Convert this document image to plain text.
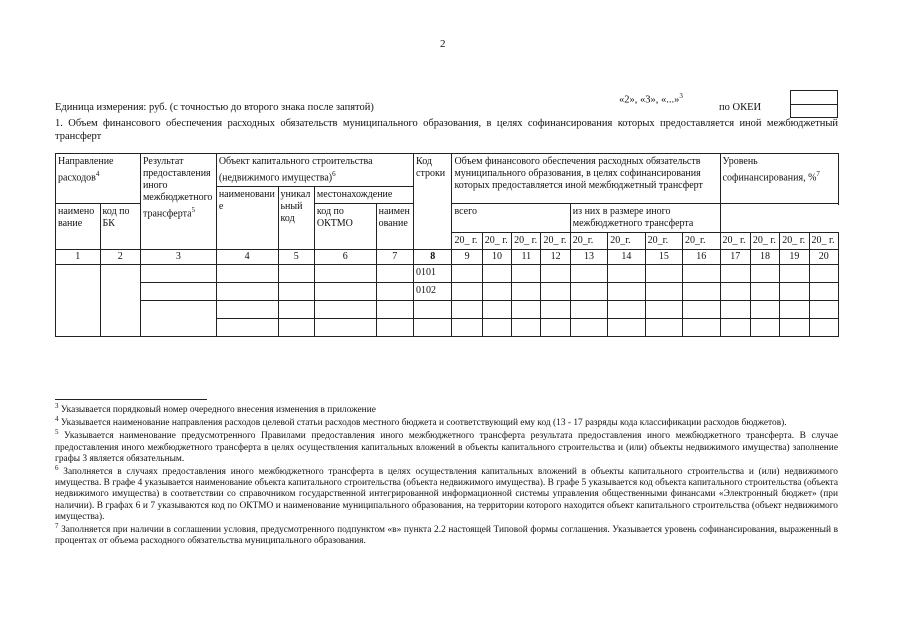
2
«2», «3», «...»$^3$
Единица измерения: руб. (с точностью до второго знака после запятой)	по ОКЕИ
1. Объем финансового обеспечения расходных обязательств муниципального образования, в целях софинансирования которых предоставляется иной межбюджетный трансферт
Направление расходов$^4$		Результат предоставления иного межбюджетного трансферта$^5$	Объект капитального строительства (недвижимого имущества)$^6$				Код строки	Объем финансового обеспечения расходных обязательств муниципального образования, в целях софинансирования которых предоставляется иной межбюджетный трансферт								Уровень софинансирования, %$^7$
			наименование	уникальный код	местонахождение														
наименование	код по БК				код по ОКТМО	наименование		всего				из них в размере иного межбюджетного трансферта							

								20_ г.	20_ г.	20_ г.	20_ г.	20_г.	20_г.	20_г.	20_г.	20_ г.	20_ г.	20_ г.	20_ г.
1	2	3	4	5	6	7	8	9	10	11	12	13	14	15	16	17	18	19	20
							0101												
							0102												

$^3$ Указывается порядковый номер очередного внесения изменения в приложение

$^4$ Указывается наименование направления расходов целевой статьи расходов местного бюджета и соответствующий ему код (13 - 17 разряды кода классификации расходов бюджетов).

$^5$ Указывается наименование предусмотренного Правилами предоставления иного межбюджетного трансферта результата предоставления иного межбюджетного трансферта. В случае предоставления иного межбюджетного трансферта в целях осуществления капитальных вложений в объекты капитального строительства и (или) объекты недвижимого имущества) заполнение графы 3 является обязательным.

$^6$ Заполняется в случаях предоставления иного межбюджетного трансферта в целях осуществления капитальных вложений в объекты капитального строительства и (или) недвижимого имущества. В графе 4 указывается наименование объекта капитального строительства (объекта недвижимого имущества). В графе 5 указывается код объекта капитального строительства (объекта недвижимого имущества) в соответствии со справочником государственной интегрированной информационной системы управления общественными финансами «Электронный бюджет» (при наличии). В графах 6 и 7 указываются код по ОКТМО и наименование муниципального образования, на территории которого находится объект капитального строительства (объект недвижимого имущества).

$^7$ Заполняется при наличии в соглашении условия, предусмотренного подпунктом «в» пункта 2.2 настоящей Типовой формы соглашения. Указывается уровень софинансирования, выраженный в процентах от объема расходного обязательства муниципального образования.
